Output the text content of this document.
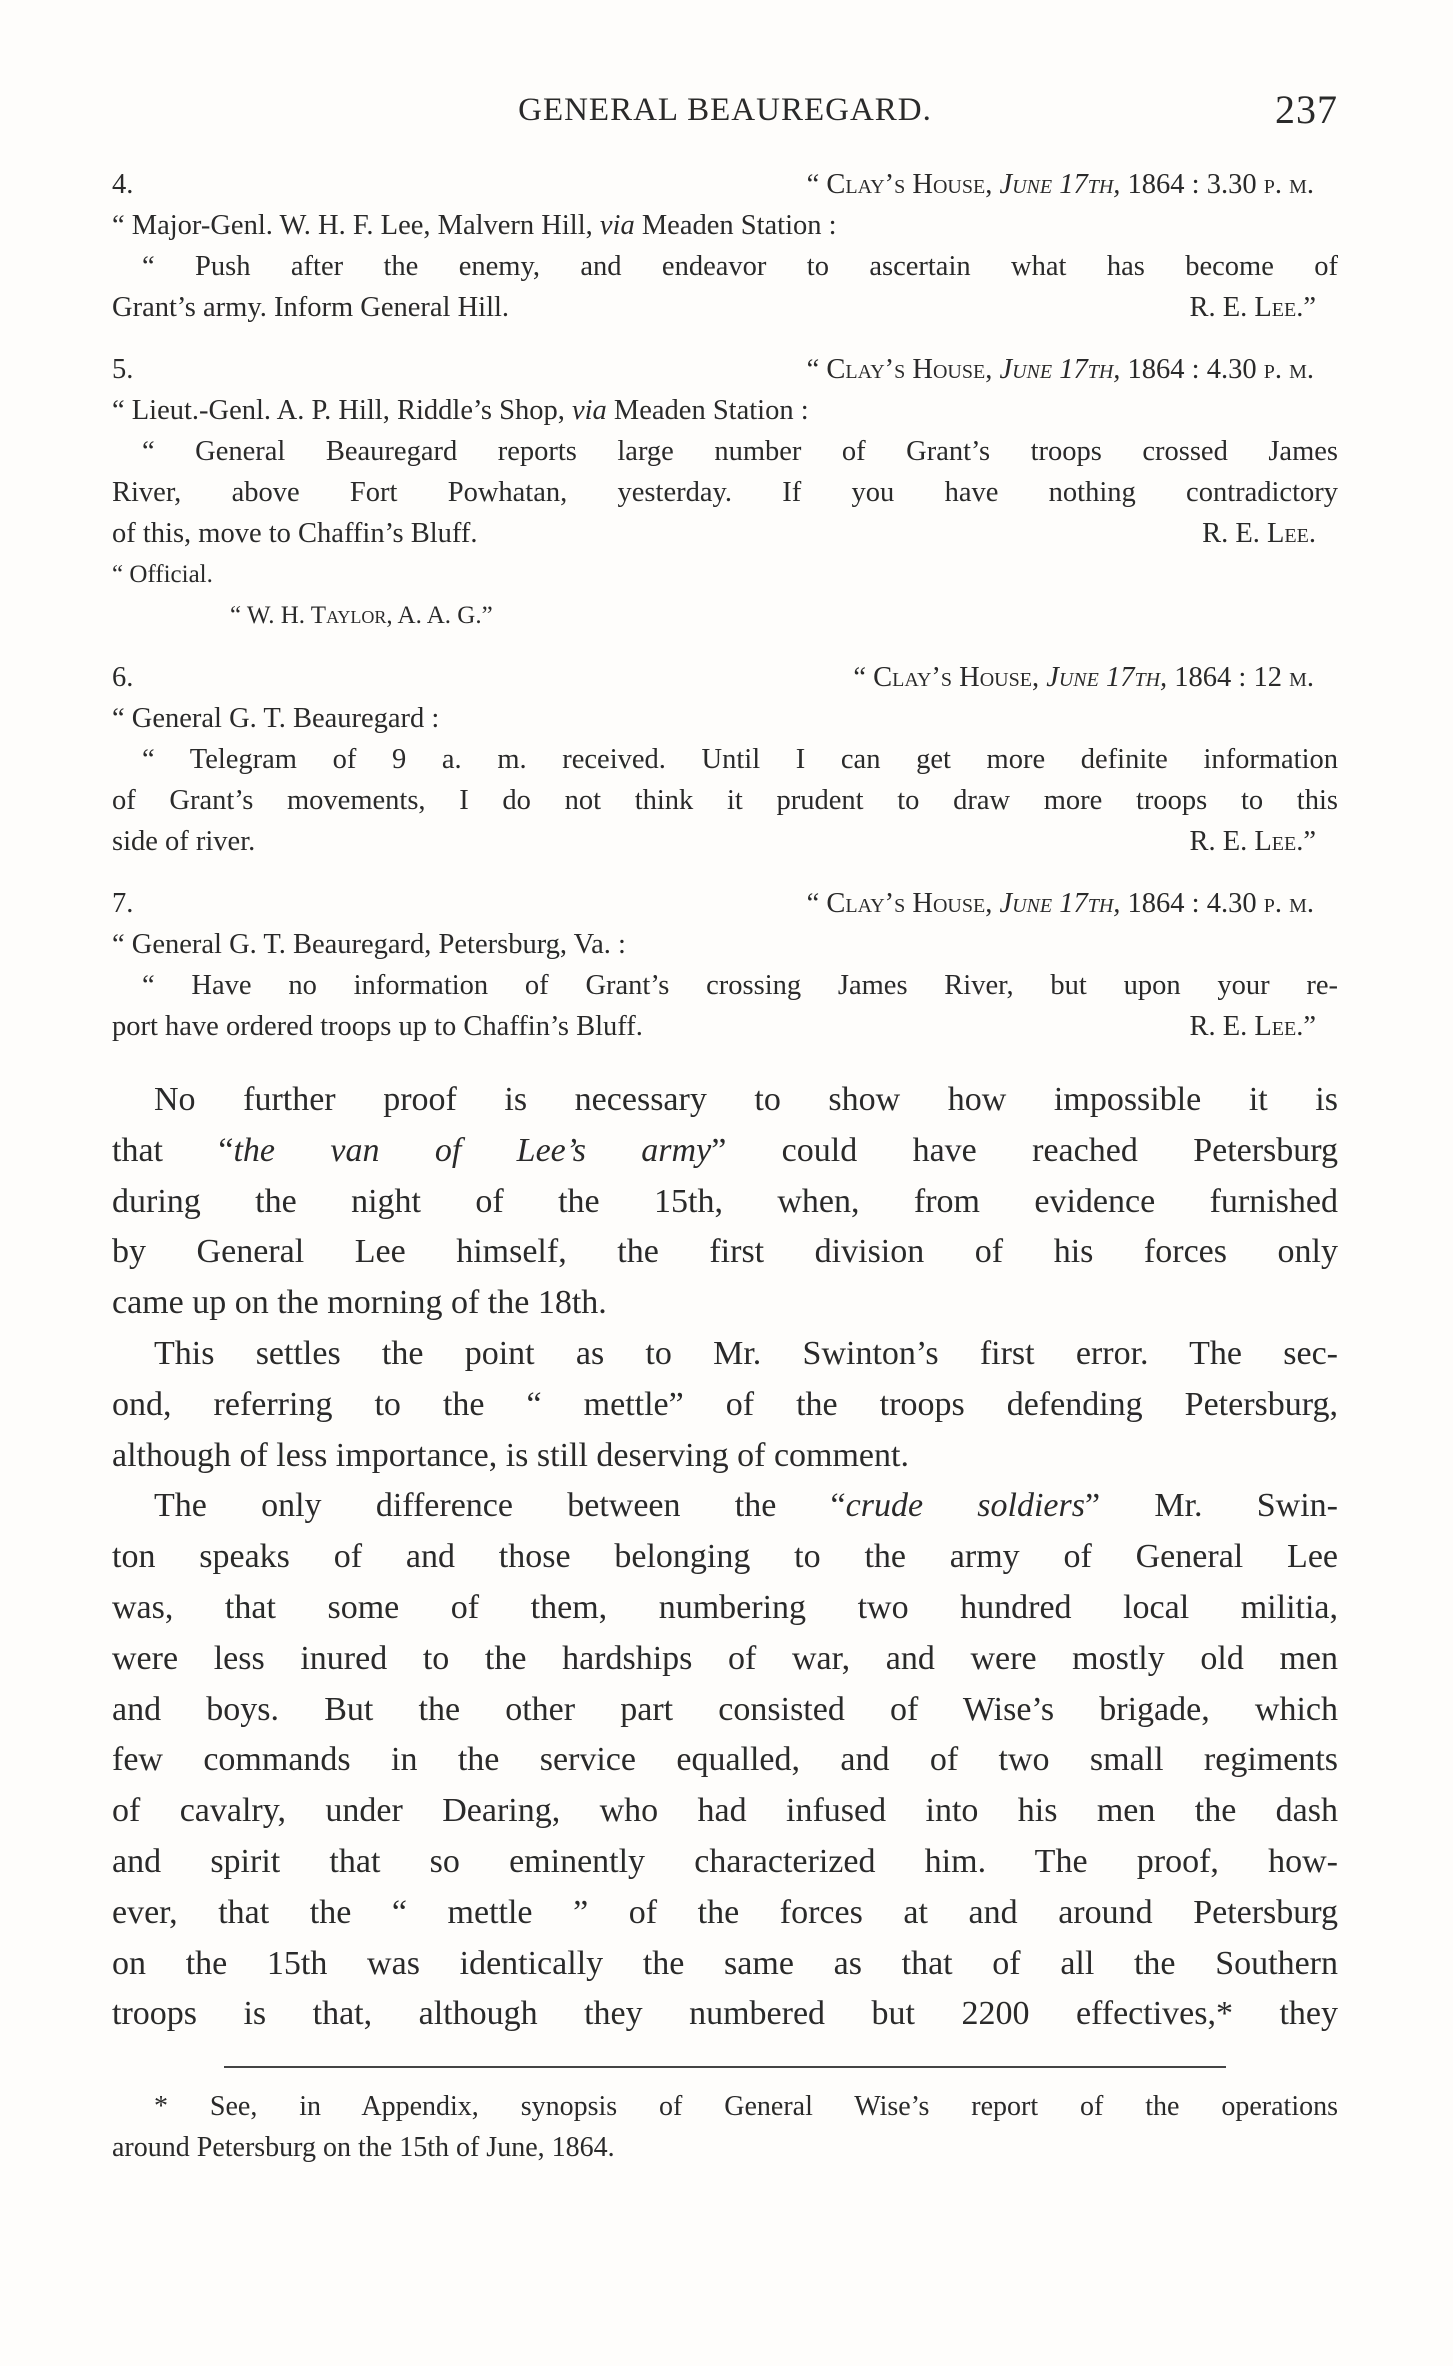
GENERAL BEAUREGARD.	237
4.	“ Clay’s House, June 17th, 1864 : 3.30 p. m.
“ Major-Genl. W. H. F. Lee, Malvern Hill, via Meaden Station :
“ Push after the enemy, and endeavor to ascertain what has become of
Grant’s army. Inform General Hill.	R. E. Lee.”
5.	“ Clay’s House, June 17th, 1864 : 4.30 p. m.
“ Lieut.-Genl. A. P. Hill, Riddle’s Shop, via Meaden Station :
“ General Beauregard reports large number of Grant’s troops crossed James
River, above Fort Powhatan, yesterday. If you have nothing contradictory
of this, move to Chaffin’s Bluff.	R. E. Lee.
“ Official.
“ W. H. Taylor, A. A. G.”
6.	“ Clay’s House, June 17th, 1864 : 12 m.
“ General G. T. Beauregard :
“ Telegram of 9 a. m. received. Until I can get more definite information
of Grant’s movements, I do not think it prudent to draw more troops to this
side of river.	R. E. Lee.”
7.	“ Clay’s House, June 17th, 1864 : 4.30 p. m.
“ General G. T. Beauregard, Petersburg, Va. :
“ Have no information of Grant’s crossing James River, but upon your re-
port have ordered troops up to Chaffin’s Bluff.	R. E. Lee.”

No further proof is necessary to show how impossible it is
that “the van of Lee’s army” could have reached Petersburg
during the night of the 15th, when, from evidence furnished
by General Lee himself, the first division of his forces only
came up on the morning of the 18th.

This settles the point as to Mr. Swinton’s first error. The sec-
ond, referring to the “ mettle” of the troops defending Petersburg,
although of less importance, is still deserving of comment.

The only difference between the “crude soldiers” Mr. Swin-
ton speaks of and those belonging to the army of General Lee
was, that some of them, numbering two hundred local militia,
were less inured to the hardships of war, and were mostly old men
and boys. But the other part consisted of Wise’s brigade, which
few commands in the service equalled, and of two small regiments
of cavalry, under Dearing, who had infused into his men the dash
and spirit that so eminently characterized him. The proof, how-
ever, that the “ mettle ” of the forces at and around Petersburg
on the 15th was identically the same as that of all the Southern
troops is that, although they numbered but 2200 effectives,* they

* See, in Appendix, synopsis of General Wise’s report of the operations
around Petersburg on the 15th of June, 1864.
